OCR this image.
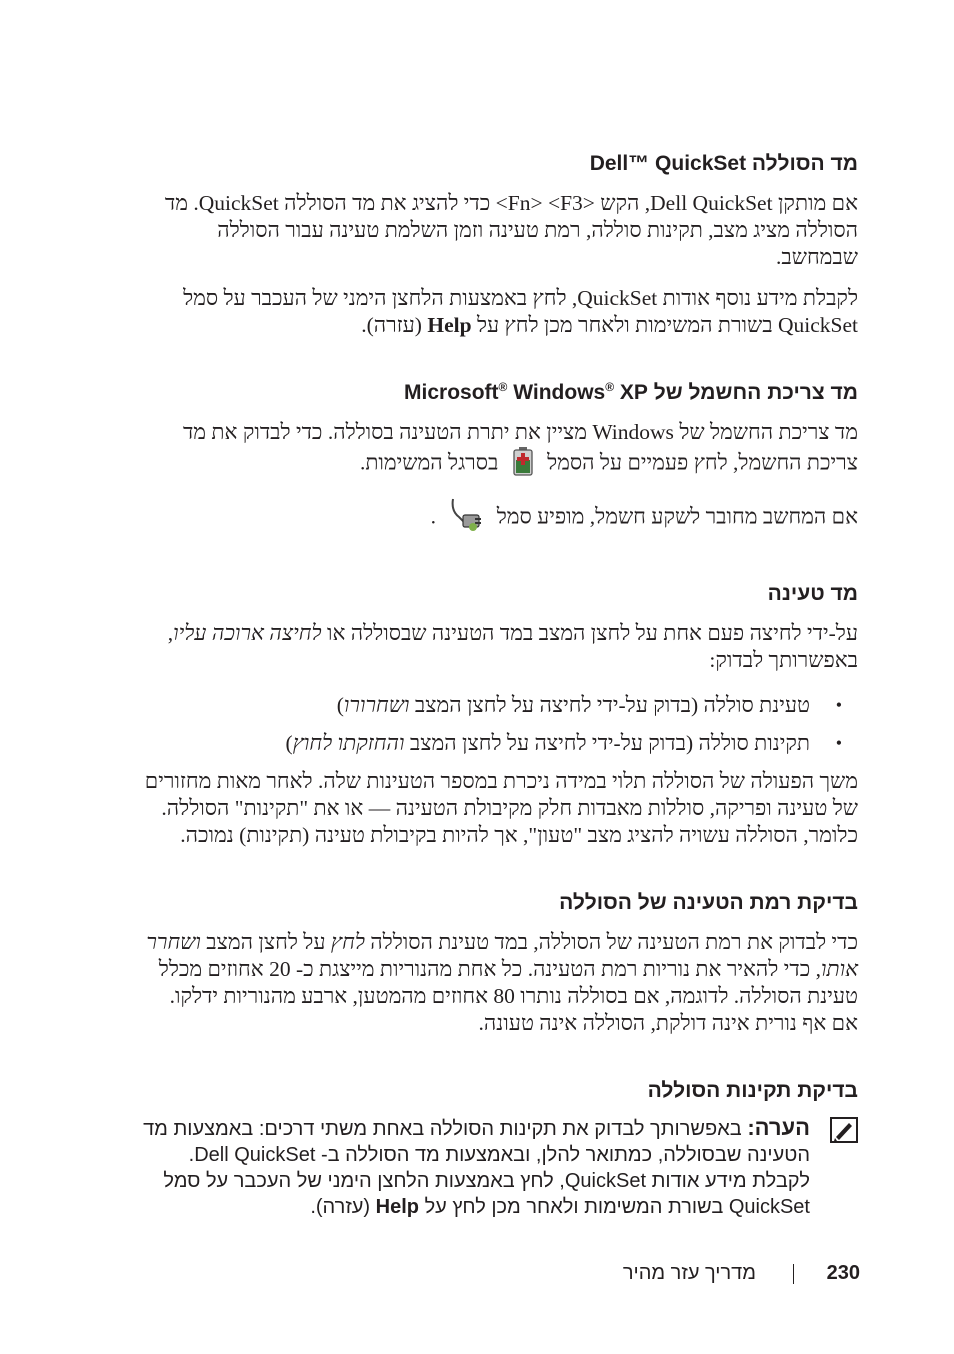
מד הסוללה Dell™ QuickSet

אם מותקן Dell QuickSet, הקש <Fn> <F3> כדי להציג את מד הסוללה QuickSet. מד הסוללה מציג מצב, תקינות סוללה, רמת טעינה וזמן השלמת טעינה עבור הסוללה שבמחשב.

לקבלת מידע נוסף אודות QuickSet, לחץ באמצעות הלחצן הימני של העכבר על סמל QuickSet בשורת המשימות ולאחר מכן לחץ על Help (עזרה).

מד צריכת החשמל של Microsoft® Windows® XP

מד צריכת החשמל של Windows מציין את יתרת הטעינה בסוללה. כדי לבדוק את מד צריכת החשמל, לחץ פעמיים על הסמל  בסרגל המשימות.

אם המחשב מחובר לשקע חשמל, מופיע סמל  .

מד טעינה

על-ידי לחיצה פעם אחת על לחצן המצב במד הטעינה שבסוללה או לחיצה ארוכה עליו, באפשרותך לבדוק:

•
טעינת סוללה (בדוק על-ידי לחיצה על לחצן המצב ושחרורו)
•
תקינות סוללה (בדוק על-ידי לחיצה על לחצן המצב והחזקתו לחוץ)

משך הפעולה של הסוללה תלוי במידה ניכרת במספר הטעינות שלה. לאחר מאות מחזורים של טעינה ופריקה, סוללות מאבדות חלק מקיבולת הטעינה — או את "תקינות" הסוללה. כלומר, הסוללה עשויה להציג מצב "טעון", אך להיות בקיבולת טעינה (תקינות) נמוכה.

בדיקת רמת הטעינה של הסוללה

כדי לבדוק את רמת הטעינה של הסוללה, במד טעינת הסוללה לחץ על לחצן המצב ושחרר אותו, כדי להאיר את נוריות רמת הטעינה. כל אחת מהנוריות מייצגת כ- 20 אחוזים מכלל טעינת הסוללה. לדוגמה, אם בסוללה נותרו 80 אחוזים מהמטען, ארבע מהנוריות ידלקו. אם אף נורית אינה דולקת, הסוללה אינה טעונה.

בדיקת תקינות הסוללה
הערה: באפשרותך לבדוק את תקינות הסוללה באחת משתי דרכים: באמצעות מד הטעינה שבסוללה, כמתואר להלן, ובאמצעות מד הסוללה ב- Dell QuickSet. לקבלת מידע אודות QuickSet, לחץ באמצעות הלחצן הימני של העכבר על סמל QuickSet בשורת המשימות ולאחר מכן לחץ על Help (עזרה).
230
מדריך עזר מהיר
